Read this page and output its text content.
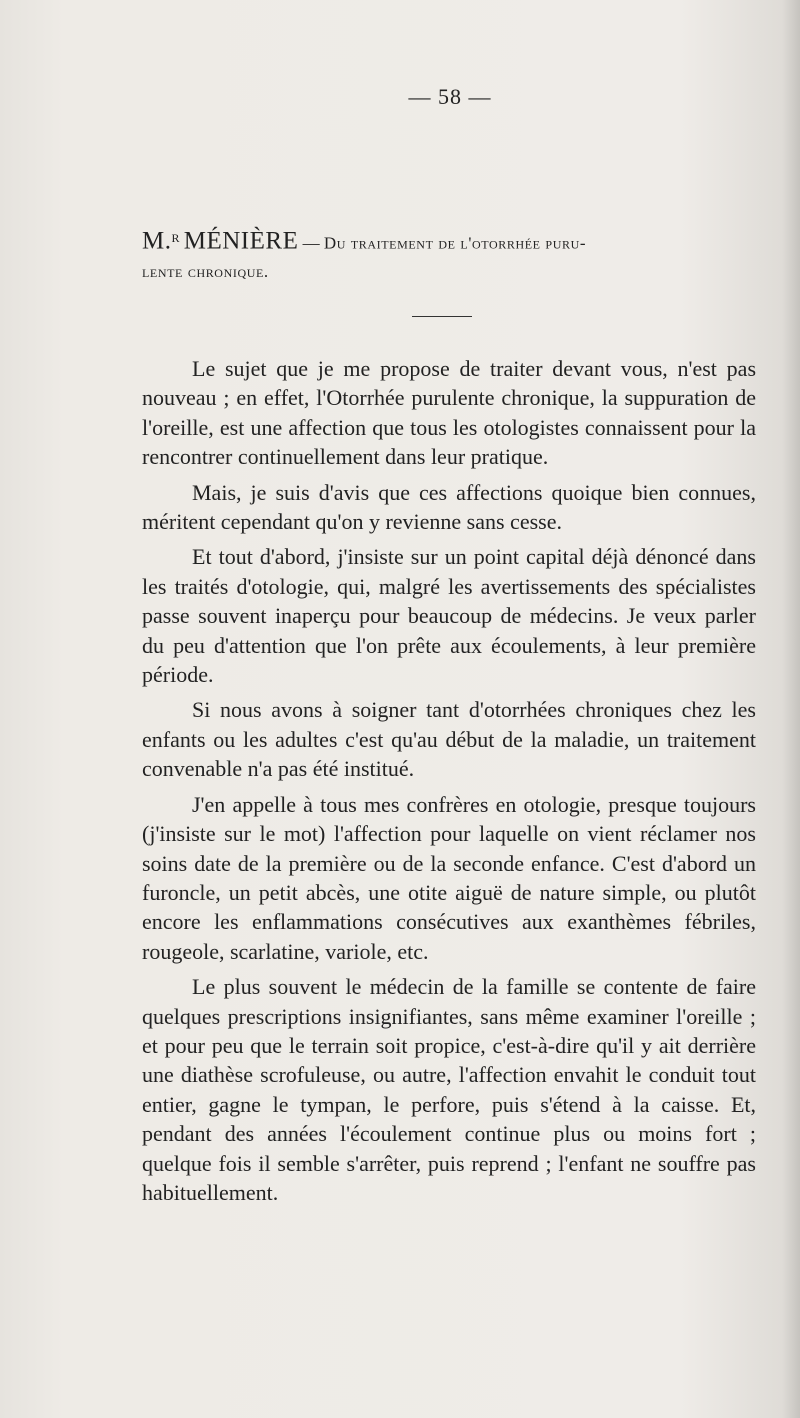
— 58 —
M.$^R$ MÉNIÈRE — Du traitement de l'otorrhée puru-
lente chronique.

Le sujet que je me propose de traiter devant vous, n'est pas nouveau ; en effet, l'Otorrhée purulente chronique, la suppuration de l'oreille, est une affection que tous les otologistes connaissent pour la rencontrer continuellement dans leur pratique.

Mais, je suis d'avis que ces affections quoique bien connues, méritent cependant qu'on y revienne sans cesse.

Et tout d'abord, j'insiste sur un point capital déjà dénoncé dans les traités d'otologie, qui, malgré les avertissements des spécialistes passe souvent inaperçu pour beaucoup de médecins. Je veux parler du peu d'attention que l'on prête aux écoulements, à leur première période.

Si nous avons à soigner tant d'otorrhées chroniques chez les enfants ou les adultes c'est qu'au début de la maladie, un traitement convenable n'a pas été institué.

J'en appelle à tous mes confrères en otologie, presque toujours (j'insiste sur le mot) l'affection pour laquelle on vient réclamer nos soins date de la première ou de la seconde enfance. C'est d'abord un furoncle, un petit abcès, une otite aiguë de nature simple, ou plutôt encore les enflammations consécutives aux exanthèmes fébriles, rougeole, scarlatine, variole, etc.

Le plus souvent le médecin de la famille se contente de faire quelques prescriptions insignifiantes, sans même examiner l'oreille ; et pour peu que le terrain soit propice, c'est-à-dire qu'il y ait derrière une diathèse scrofuleuse, ou autre, l'affection envahit le conduit tout entier, gagne le tympan, le perfore, puis s'étend à la caisse. Et, pendant des années l'écoulement continue plus ou moins fort ; quelque fois il semble s'arrêter, puis reprend ; l'enfant ne souffre pas habituellement.
